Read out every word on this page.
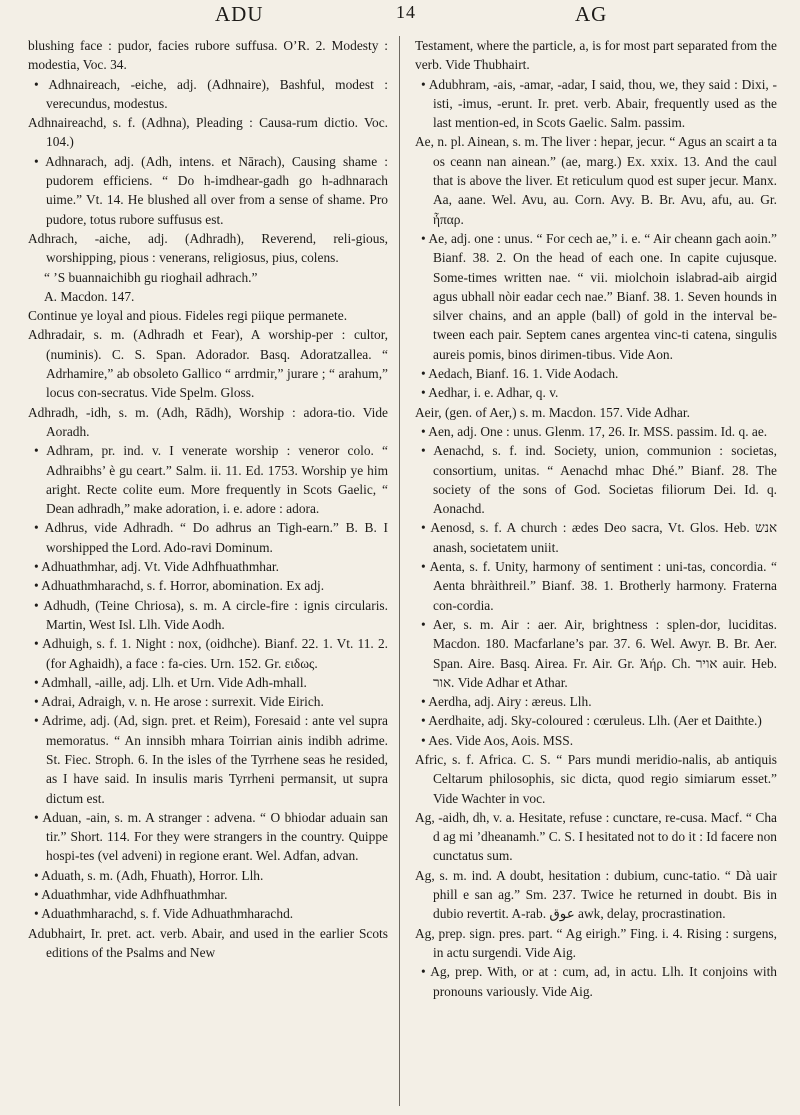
ADU	14	AG

blushing face : pudor, facies rubore suffusa. O’R. 2. Modesty : modestia, Voc. 34.

• Adhnaireach, -eiche, adj. (Adhnaire), Bashful, modest : verecundus, modestus.

Adhnaireachd, s. f. (Adhna), Pleading : Causa-rum dictio. Voc. 104.)

• Adhnarach, adj. (Adh, intens. et Nārach), Causing shame : pudorem efficiens. “ Do h-imdhear-gadh go h-adhnarach uime.” Vt. 14. He blushed all over from a sense of shame. Pro pudore, totus rubore suffusus est.

Adhrach, -aiche, adj. (Adhradh), Reverend, reli-gious, worshipping, pious : venerans, religiosus, pius, colens.

“ ’S buannaichibh gu rioghail adhrach.”

A. Macdon. 147.

Continue ye loyal and pious. Fideles regi piique permanete.

Adhradair, s. m. (Adhradh et Fear), A worship-per : cultor, (numinis). C. S. Span. Adorador. Basq. Adoratzallea. “ Adrhamire,” ab obsoleto Gallico “ arrdmir,” jurare ; “ arahum,” locus con-secratus. Vide Spelm. Gloss.

Adhradh, -idh, s. m. (Adh, Rādh), Worship : adora-tio. Vide Aoradh.

• Adhram, pr. ind. v. I venerate worship : veneror colo. “ Adhraibhs’ è gu ceart.” Salm. ii. 11. Ed. 1753. Worship ye him aright. Recte colite eum. More frequently in Scots Gaelic, “ Dean adhradh,” make adoration, i. e. adore : adora.

• Adhrus, vide Adhradh. “ Do adhrus an Tigh-earn.” B. B. I worshipped the Lord. Ado-ravi Dominum.

• Adhuathmhar, adj. Vt. Vide Adhfhuathmhar.

• Adhuathmharachd, s. f. Horror, abomination. Ex adj.

• Adhudh, (Teine Chriosa), s. m. A circle-fire : ignis circularis. Martin, West Isl. Llh. Vide Aodh.

• Adhuigh, s. f. 1. Night : nox, (oidhche). Bianf. 22. 1. Vt. 11. 2. (for Aghaidh), a face : fa-cies. Urn. 152. Gr. ειδως.

• Admhall, -aille, adj. Llh. et Urn. Vide Adh-mhall.

• Adrai, Adraigh, v. n. He arose : surrexit. Vide Eirich.

• Adrime, adj. (Ad, sign. pret. et Reim), Foresaid : ante vel supra memoratus. “ An innsibh mhara Toirrian ainis indibh adrime. St. Fiec. Stroph. 6. In the isles of the Tyrrhene seas he resided, as I have said. In insulis maris Tyrrheni permansit, ut supra dictum est.

• Aduan, -ain, s. m. A stranger : advena. “ O bhiodar aduain san tir.” Short. 114. For they were strangers in the country. Quippe hospi-tes (vel adveni) in regione erant. Wel. Adfan, advan.

• Aduath, s. m. (Adh, Fhuath), Horror. Llh.

• Aduathmhar, vide Adhfhuathmhar.

• Aduathmharachd, s. f. Vide Adhuathmharachd.

Adubhairt, Ir. pret. act. verb. Abair, and used in the earlier Scots editions of the Psalms and New

Testament, where the particle, a, is for most part separated from the verb. Vide Thubhairt.

• Adubhram, -ais, -amar, -adar, I said, thou, we, they said : Dixi, -isti, -imus, -erunt. Ir. pret. verb. Abair, frequently used as the last mention-ed, in Scots Gaelic. Salm. passim.

Ae, n. pl. Ainean, s. m. The liver : hepar, jecur. “ Agus an scairt a ta os ceann nan ainean.” (ae, marg.) Ex. xxix. 13. And the caul that is above the liver. Et reticulum quod est super jecur. Manx. Aa, aane. Wel. Avu, au. Corn. Avy. B. Br. Avu, afu, au. Gr. ἧπαρ.

• Ae, adj. one : unus. “ For cech ae,” i. e. “ Air cheann gach aoin.” Bianf. 38. 2. On the head of each one. In capite cujusque. Some-times written nae. “ vii. miolchoin islabrad-aib airgid agus ubhall nòir eadar cech nae.” Bianf. 38. 1. Seven hounds in silver chains, and an apple (ball) of gold in the interval be-tween each pair. Septem canes argentea vinc-ti catena, singulis aureis pomis, binos dirimen-tibus. Vide Aon.

• Aedach, Bianf. 16. 1. Vide Aodach.

• Aedhar, i. e. Adhar, q. v.

Aeir, (gen. of Aer,) s. m. Macdon. 157. Vide Adhar.

• Aen, adj. One : unus. Glenm. 17, 26. Ir. MSS. passim. Id. q. ae.

• Aenachd, s. f. ind. Society, union, communion : societas, consortium, unitas. “ Aenachd mhac Dhé.” Bianf. 28. The society of the sons of God. Societas filiorum Dei. Id. q. Aonachd.

• Aenosd, s. f. A church : ædes Deo sacra, Vt. Glos. Heb. אנש anash, societatem uniit.

• Aenta, s. f. Unity, harmony of sentiment : uni-tas, concordia. “ Aenta bhràithreil.” Bianf. 38. 1. Brotherly harmony. Fraterna con-cordia.

• Aer, s. m. Air : aer. Air, brightness : splen-dor, luciditas. Macdon. 180. Macfarlane’s par. 37. 6. Wel. Awyr. B. Br. Aer. Span. Aire. Basq. Airea. Fr. Air. Gr. Ἀήρ. Ch. אויר auir. Heb. אור. Vide Adhar et Athar.

• Aerdha, adj. Airy : æreus. Llh.

• Aerdhaite, adj. Sky-coloured : cœruleus. Llh. (Aer et Daithte.)

• Aes. Vide Aos, Aois. MSS.

Afric, s. f. Africa. C. S. “ Pars mundi meridio-nalis, ab antiquis Celtarum philosophis, sic dicta, quod regio simiarum esset.” Vide Wachter in voc.

Ag, -aidh, dh, v. a. Hesitate, refuse : cunctare, re-cusa. Macf. “ Cha d ag mi ’dheanamh.” C. S. I hesitated not to do it : Id facere non cunctatus sum.

Ag, s. m. ind. A doubt, hesitation : dubium, cunc-tatio. “ Dà uair phill e san ag.” Sm. 237. Twice he returned in doubt. Bis in dubio revertit. A-rab. عوق awk, delay, procrastination.

Ag, prep. sign. pres. part. “ Ag eirigh.” Fing. i. 4. Rising : surgens, in actu surgendi. Vide Aig.

• Ag, prep. With, or at : cum, ad, in actu. Llh. It conjoins with pronouns variously. Vide Aig.
